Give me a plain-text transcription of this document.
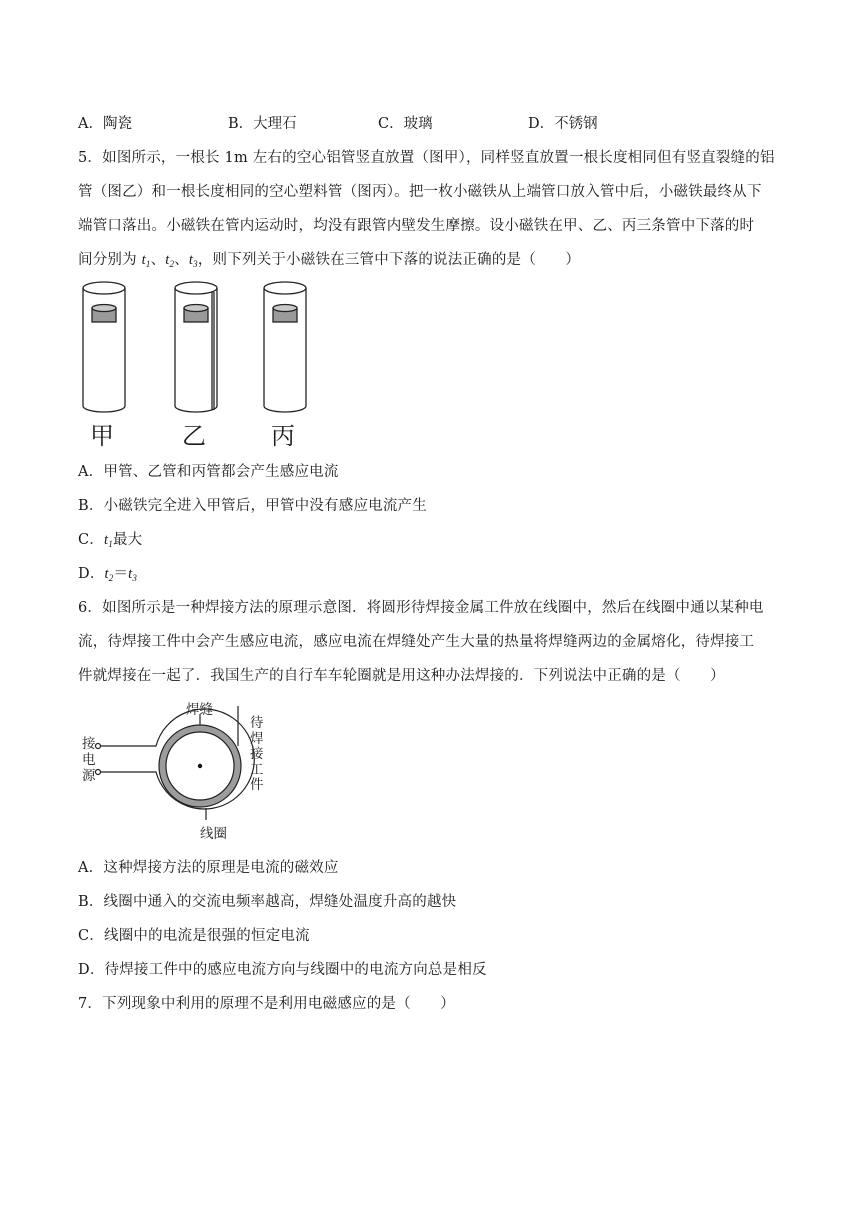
A．陶瓷	B．大理石	C．玻璃	D．不锈钢
5．如图所示，一根长 1m 左右的空心铝管竖直放置（图甲），同样竖直放置一根长度相同但有竖直裂缝的铝
管（图乙）和一根长度相同的空心塑料管（图丙）。把一枚小磁铁从上端管口放入管中后，小磁铁最终从下
端管口落出。小磁铁在管内运动时，均没有跟管内壁发生摩擦。设小磁铁在甲、乙、丙三条管中下落的时
间分别为 $t_1$、$t_2$、$t_3$，则下列关于小磁铁在三管中下落的说法正确的是（　　）
甲	乙	丙
A．甲管、乙管和丙管都会产生感应电流
B．小磁铁完全进入甲管后，甲管中没有感应电流产生
C．$t_1$最大
D．$t_2=t_3$
6．如图所示是一种焊接方法的原理示意图．将圆形待焊接金属工件放在线圈中，然后在线圈中通以某种电
流，待焊接工件中会产生感应电流，感应电流在焊缝处产生大量的热量将焊缝两边的金属熔化，待焊接工
件就焊接在一起了．我国生产的自行车车轮圈就是用这种办法焊接的．下列说法中正确的是（　　）
焊缝
待
焊
接
工
件
接
电
源
线圈
A．这种焊接方法的原理是电流的磁效应
B．线圈中通入的交流电频率越高，焊缝处温度升高的越快
C．线圈中的电流是很强的恒定电流
D．待焊接工件中的感应电流方向与线圈中的电流方向总是相反
7．下列现象中利用的原理不是利用电磁感应的是（　　）
